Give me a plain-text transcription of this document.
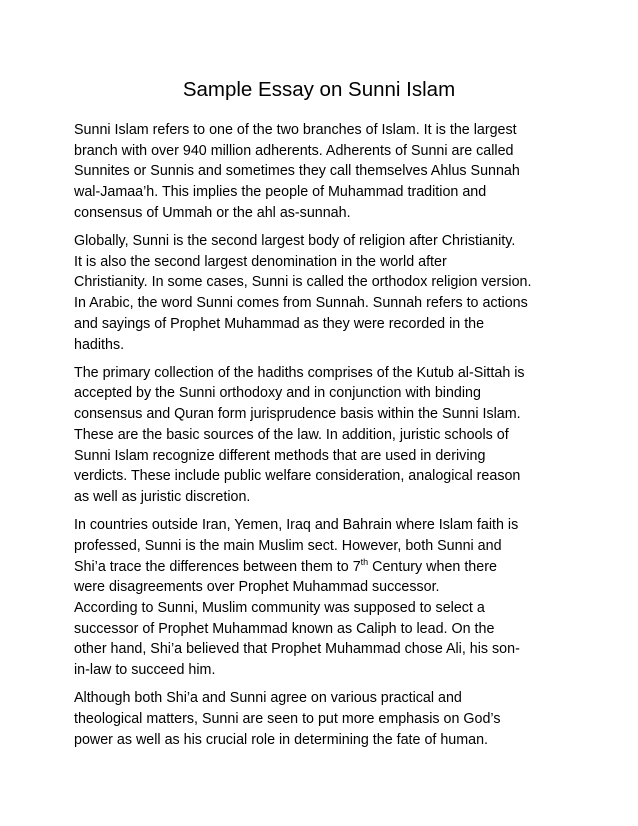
Sample Essay on Sunni Islam

Sunni Islam refers to one of the two branches of Islam. It is the largest
branch with over 940 million adherents. Adherents of Sunni are called
Sunnites or Sunnis and sometimes they call themselves Ahlus Sunnah
wal-Jamaa’h. This implies the people of Muhammad tradition and
consensus of Ummah or the ahl as-sunnah.

Globally, Sunni is the second largest body of religion after Christianity.
It is also the second largest denomination in the world after
Christianity. In some cases, Sunni is called the orthodox religion version.
In Arabic, the word Sunni comes from Sunnah. Sunnah refers to actions
and sayings of Prophet Muhammad as they were recorded in the
hadiths.

The primary collection of the hadiths comprises of the Kutub al-Sittah is
accepted by the Sunni orthodoxy and in conjunction with binding
consensus and Quran form jurisprudence basis within the Sunni Islam.
These are the basic sources of the law. In addition, juristic schools of
Sunni Islam recognize different methods that are used in deriving
verdicts. These include public welfare consideration, analogical reason
as well as juristic discretion.

In countries outside Iran, Yemen, Iraq and Bahrain where Islam faith is
professed, Sunni is the main Muslim sect. However, both Sunni and
Shi’a trace the differences between them to 7th Century when there
were disagreements over Prophet Muhammad successor.
According to Sunni, Muslim community was supposed to select a
successor of Prophet Muhammad known as Caliph to lead. On the
other hand, Shi’a believed that Prophet Muhammad chose Ali, his son-
in-law to succeed him.

Although both Shi’a and Sunni agree on various practical and
theological matters, Sunni are seen to put more emphasis on God’s
power as well as his crucial role in determining the fate of human.
